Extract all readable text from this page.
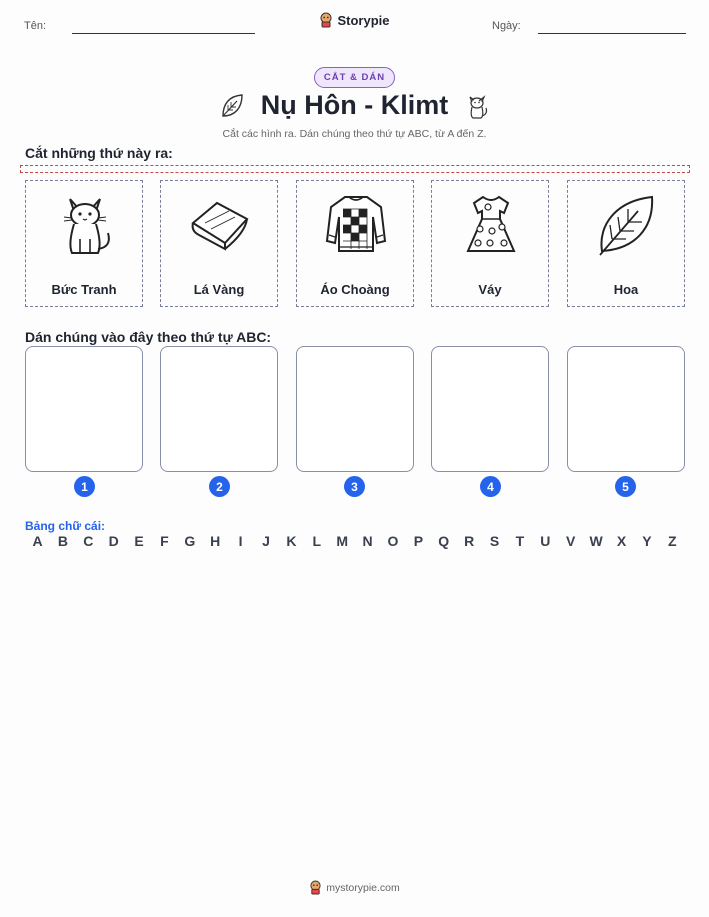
Tên:	Storypie	Ngày:
CẮT & DÁN
Nụ Hôn - Klimt
Cắt các hình ra. Dán chúng theo thứ tự ABC, từ A đến Z.
Cắt những thứ này ra:
Bức Tranh	Lá Vàng	Áo Choàng	Váy	Hoa
Dán chúng vào đây theo thứ tự ABC:
1	2	3	4	5
Bảng chữ cái:
A	B	C	D	E	F	G	H	I	J	K	L	M	N	O	P	Q	R	S	T	U	V	W	X	Y	Z
mystorypie.com
